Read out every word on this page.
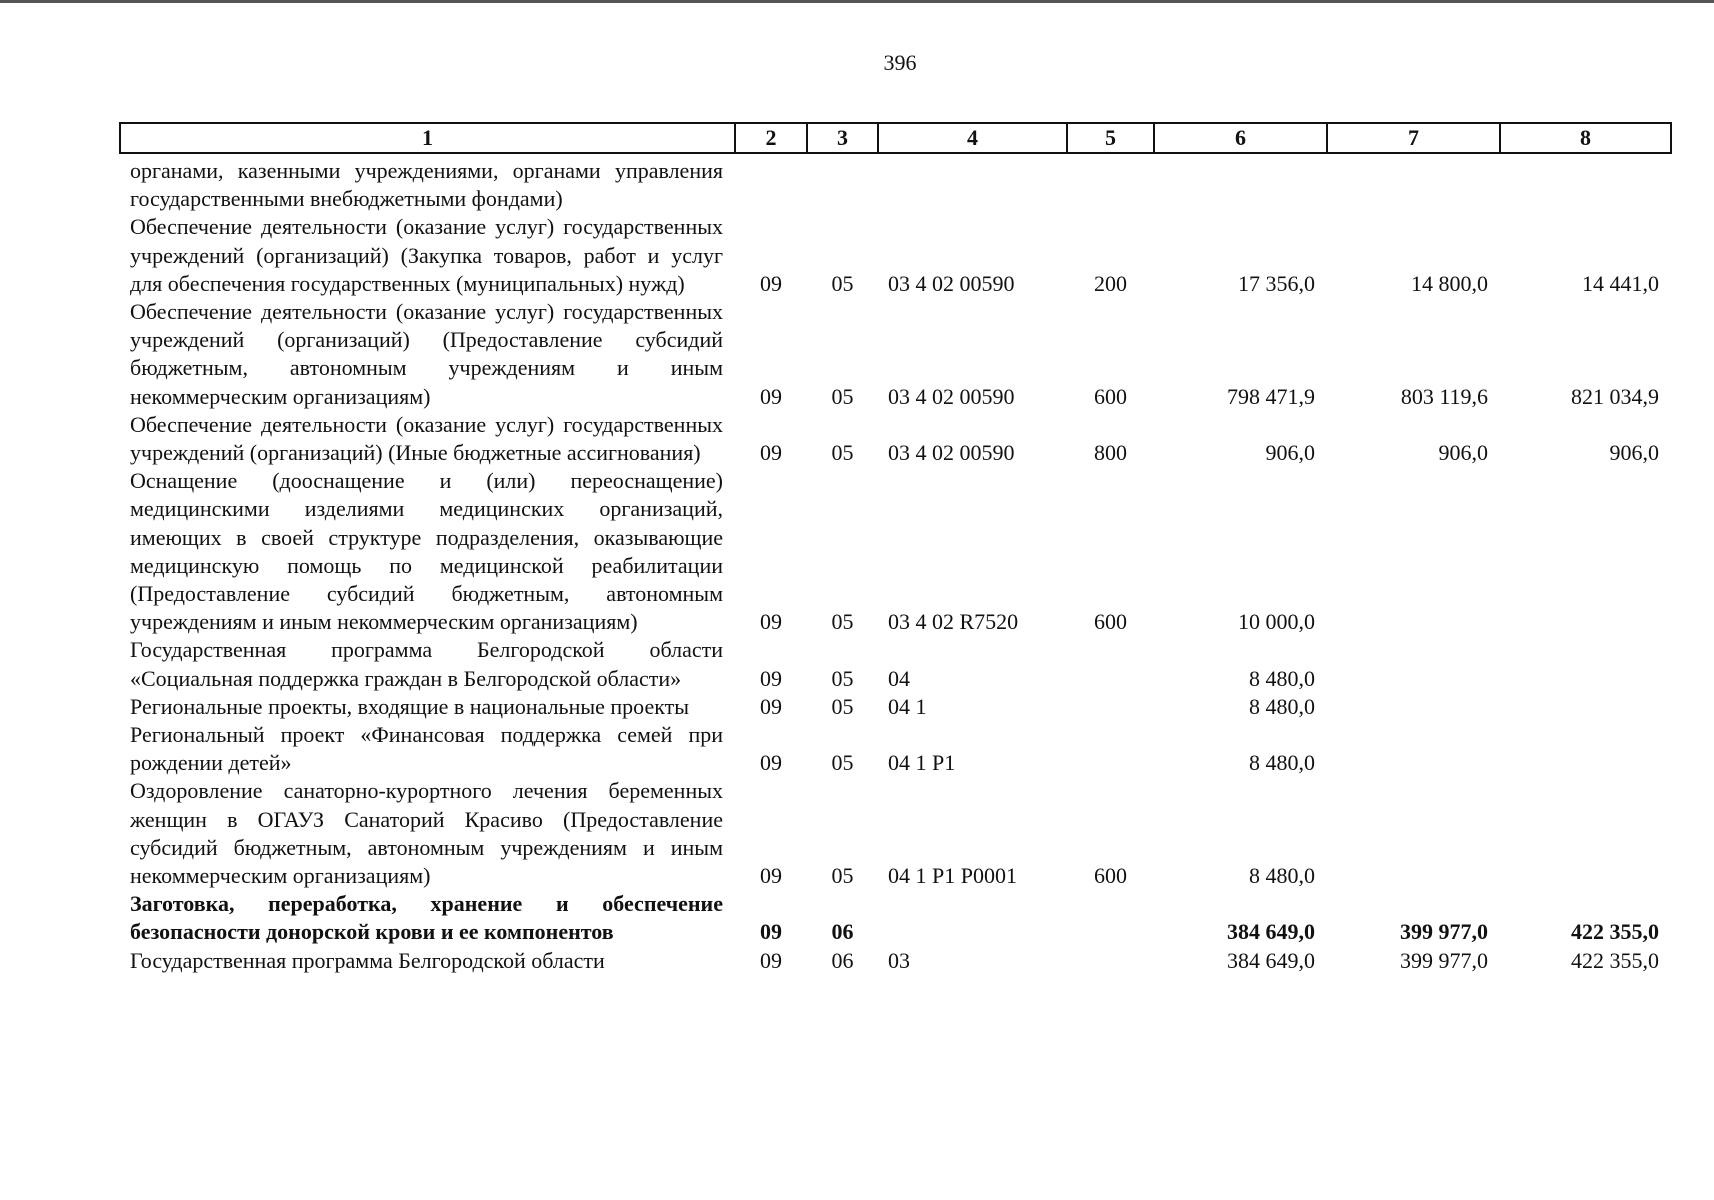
396
1	2	3	4	5	6	7	8
органами, казенными учреждениями, органами управления государственными внебюджетными фондами)							
Обеспечение деятельности (оказание услуг) государственных учреждений (организаций) (Закупка товаров, работ и услуг для обеспечения государственных (муниципальных) нужд)	09	05	03 4 02 00590	200	17 356,0	14 800,0	14 441,0
Обеспечение деятельности (оказание услуг) государственных учреждений (организаций) (Предоставление субсидий бюджетным, автономным учреждениям и иным некоммерческим организациям)	09	05	03 4 02 00590	600	798 471,9	803 119,6	821 034,9
Обеспечение деятельности (оказание услуг) государственных учреждений (организаций) (Иные бюджетные ассигнования)	09	05	03 4 02 00590	800	906,0	906,0	906,0
Оснащение (дооснащение и (или) переоснащение) медицинскими изделиями медицинских организаций, имеющих в своей структуре подразделения, оказывающие медицинскую помощь по медицинской реабилитации (Предоставление субсидий бюджетным, автономным учреждениям и иным некоммерческим организациям)	09	05	03 4 02 R7520	600	10 000,0		
Государственная программа Белгородской области «Социальная поддержка граждан в Белгородской области»	09	05	04		8 480,0		
Региональные проекты, входящие в национальные проекты	09	05	04 1		8 480,0		
Региональный проект «Финансовая поддержка семей при рождении детей»	09	05	04 1 P1		8 480,0		
Оздоровление санаторно-курортного лечения беременных женщин в ОГАУЗ Санаторий Красиво (Предоставление субсидий бюджетным, автономным учреждениям и иным некоммерческим организациям)	09	05	04 1 P1 P0001	600	8 480,0		
Заготовка, переработка, хранение и обеспечение безопасности донорской крови и ее компонентов	09	06			384 649,0	399 977,0	422 355,0
Государственная программа Белгородской области	09	06	03		384 649,0	399 977,0	422 355,0
